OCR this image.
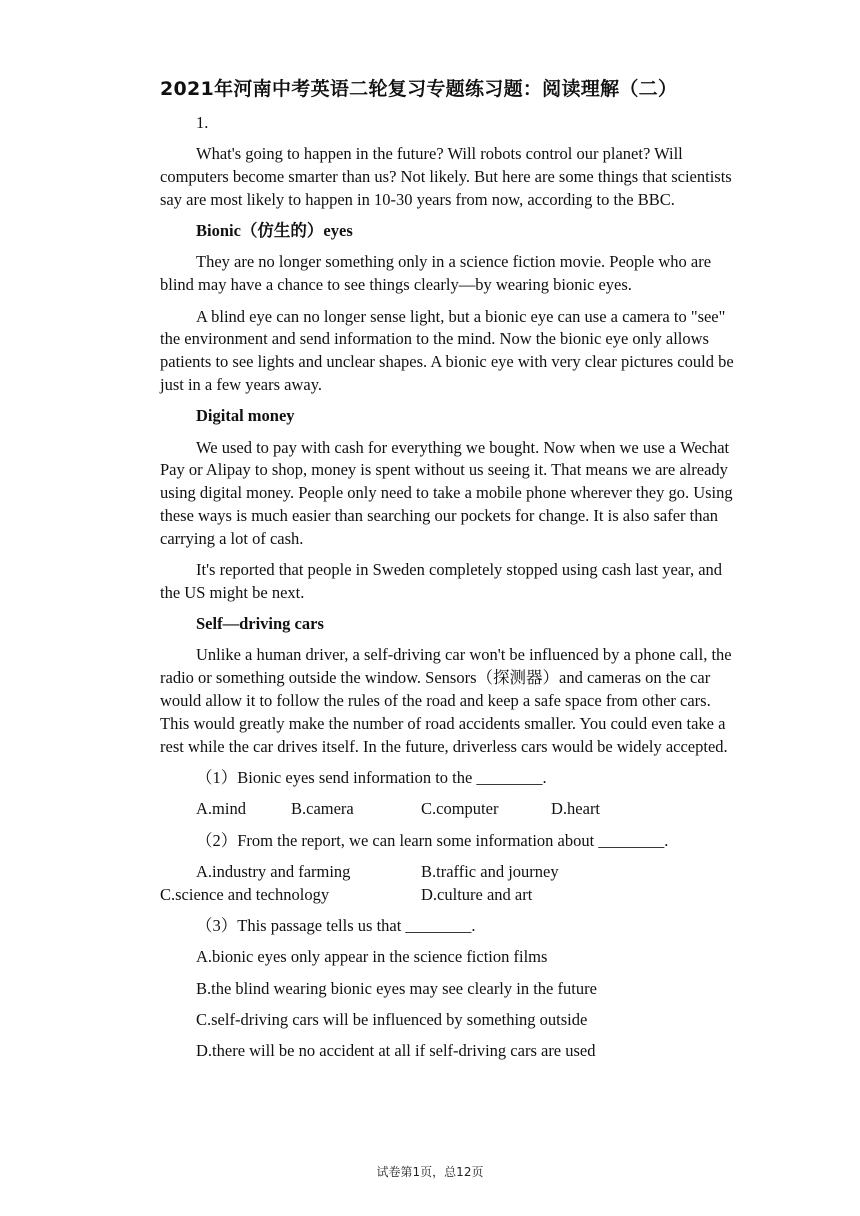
2021年河南中考英语二轮复习专题练习题：阅读理解（二）
1.
What's going to happen in the future? Will robots control our planet? Will computers become smarter than us? Not likely. But here are some things that scientists say are most likely to happen in 10-30 years from now, according to the BBC.
Bionic（仿生的）eyes
They are no longer something only in a science fiction movie. People who are blind may have a chance to see things clearly—by wearing bionic eyes.
A blind eye can no longer sense light, but a bionic eye can use a camera to "see" the environment and send information to the mind. Now the bionic eye only allows patients to see lights and unclear shapes. A bionic eye with very clear pictures could be just in a few years away.
Digital money
We used to pay with cash for everything we bought. Now when we use a Wechat Pay or Alipay to shop, money is spent without us seeing it. That means we are already using digital money. People only need to take a mobile phone wherever they go. Using these ways is much easier than searching our pockets for change. It is also safer than carrying a lot of cash.
It's reported that people in Sweden completely stopped using cash last year, and the US might be next.
Self—driving cars
Unlike a human driver, a self-driving car won't be influenced by a phone call, the radio or something outside the window. Sensors（探测器）and cameras on the car would allow it to follow the rules of the road and keep a safe space from other cars. This would greatly make the number of road accidents smaller. You could even take a rest while the car drives itself. In the future, driverless cars would be widely accepted.
（1）Bionic eyes send information to the ________.
A.mind	B.camera	C.computer	D.heart
（2）From the report, we can learn some information about ________.
A.industry and farming	B.traffic and journey
C.science and technology	D.culture and art
（3）This passage tells us that ________.
A.bionic eyes only appear in the science fiction films
B.the blind wearing bionic eyes may see clearly in the future
C.self-driving cars will be influenced by something outside
D.there will be no accident at all if self-driving cars are used
试卷第1页，总12页
